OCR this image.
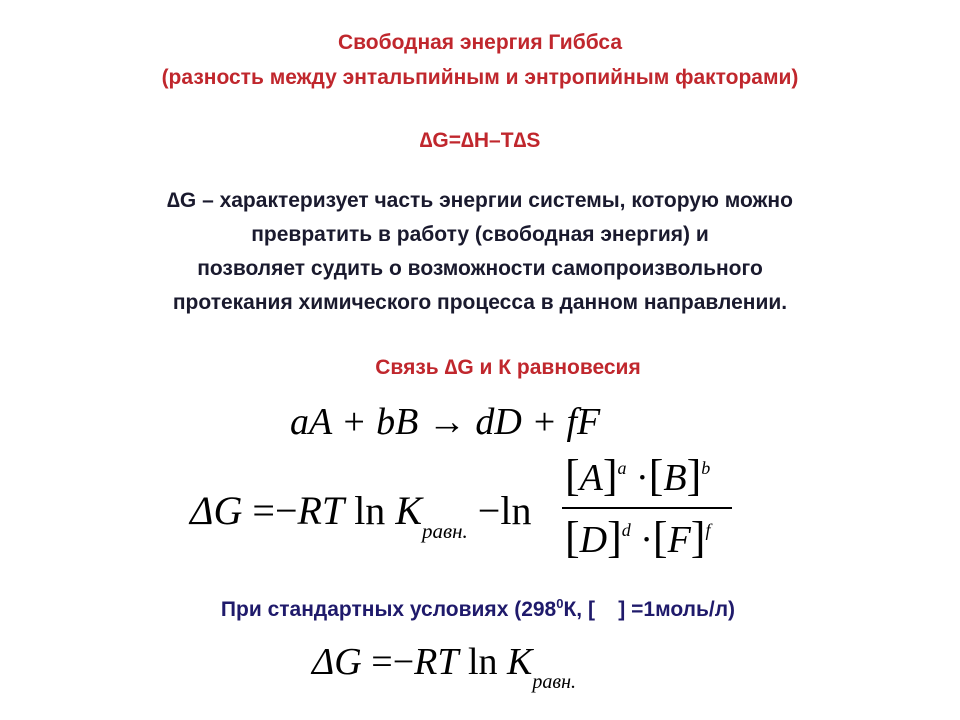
Свободная энергия Гиббса
(разность между энтальпийным и энтропийным факторами)
∆G=∆H–T∆S
∆G – характеризует часть энергии системы, которую можно
превратить в работу (свободная энергия) и
позволяет судить о возможности самопроизвольного
протекания химического процесса в данном направлении.
Связь ∆G и К равновесия
aA + bB → dD + fF
ΔG =−RT $\ln K_{равн.} -\ln$
$[A]^a \cdot[B]^b$
$[D]^d \cdot[F]^f$
При стандартных условиях ($298^0К$, [    ] =1моль/л)
ΔG =−RT $\ln K_{равн.}$
